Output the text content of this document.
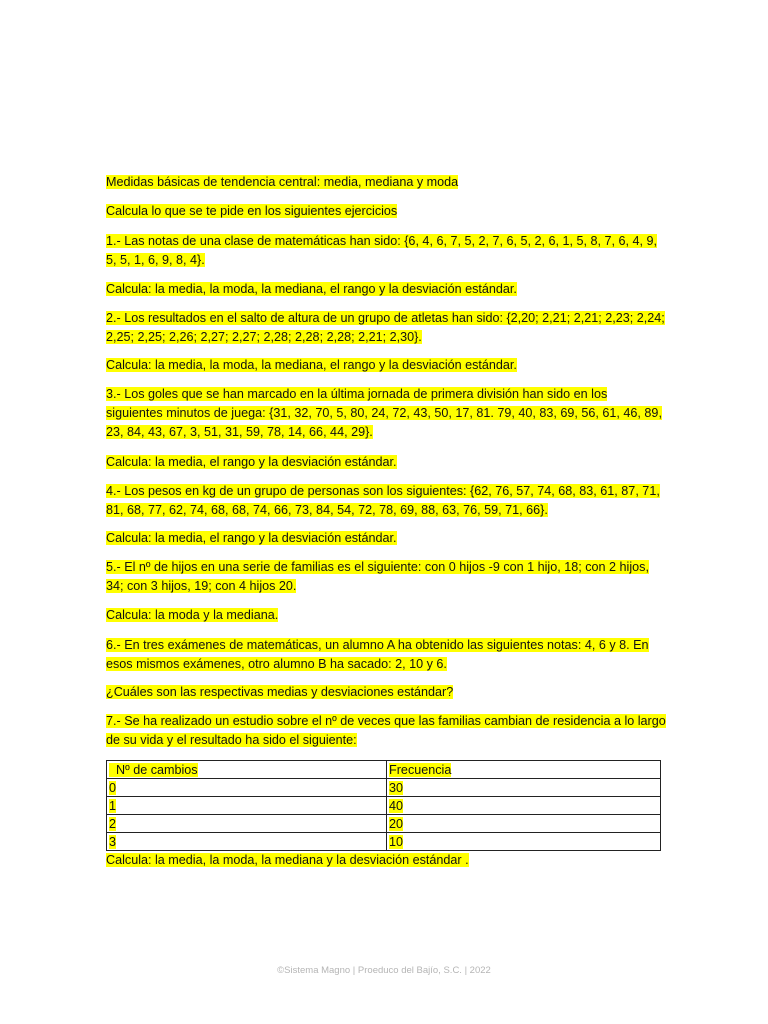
Medidas básicas de tendencia central: media, mediana y moda

Calcula lo que se te pide en los siguientes ejercicios

1.- Las notas de una clase de matemáticas han sido: {6, 4, 6, 7, 5, 2, 7, 6, 5, 2, 6, 1, 5, 8, 7, 6, 4, 9, 5, 5, 1, 6, 9, 8, 4}.

Calcula: la media, la moda, la mediana, el rango y la desviación estándar.

2.- Los resultados en el salto de altura de un grupo de atletas han sido: {2,20; 2,21; 2,21; 2,23; 2,24; 2,25; 2,25; 2,26; 2,27; 2,27; 2,28; 2,28; 2,28; 2,21; 2,30}.

Calcula: la media, la moda, la mediana, el rango y la desviación estándar.

3.- Los goles que se han marcado en la última jornada de primera división han sido en los siguientes minutos de juega: {31, 32, 70, 5, 80, 24, 72, 43, 50, 17, 81. 79, 40, 83, 69, 56, 61, 46, 89, 23, 84, 43, 67, 3, 51, 31, 59, 78, 14, 66, 44, 29}.

Calcula: la media, el rango y la desviación estándar.

4.- Los pesos en kg de un grupo de personas son los siguientes: {62, 76, 57, 74, 68, 83, 61, 87, 71, 81, 68, 77, 62, 74, 68, 68, 74, 66, 73, 84, 54, 72, 78, 69, 88, 63, 76, 59, 71, 66}.

Calcula: la media, el rango y la desviación estándar.

5.- El nº de hijos en una serie de familias es el siguiente: con 0 hijos -9 con 1 hijo, 18; con 2 hijos, 34; con 3 hijos, 19; con 4 hijos 20.

Calcula: la moda y la mediana.

6.- En tres exámenes de matemáticas, un alumno A ha obtenido las siguientes notas: 4, 6 y 8. En esos mismos exámenes, otro alumno B ha sacado: 2, 10 y 6.

¿Cuáles son las respectivas medias y desviaciones estándar?

7.- Se ha realizado un estudio sobre el nº de veces que las familias cambian de residencia a lo largo de su vida y el resultado ha sido el siguiente:

Nº de cambios	Frecuencia
0	30
1	40
2	20
3	10

Calcula: la media, la moda, la mediana y la desviación estándar .

©Sistema Magno | Proeduco del Bajío, S.C. | 2022
